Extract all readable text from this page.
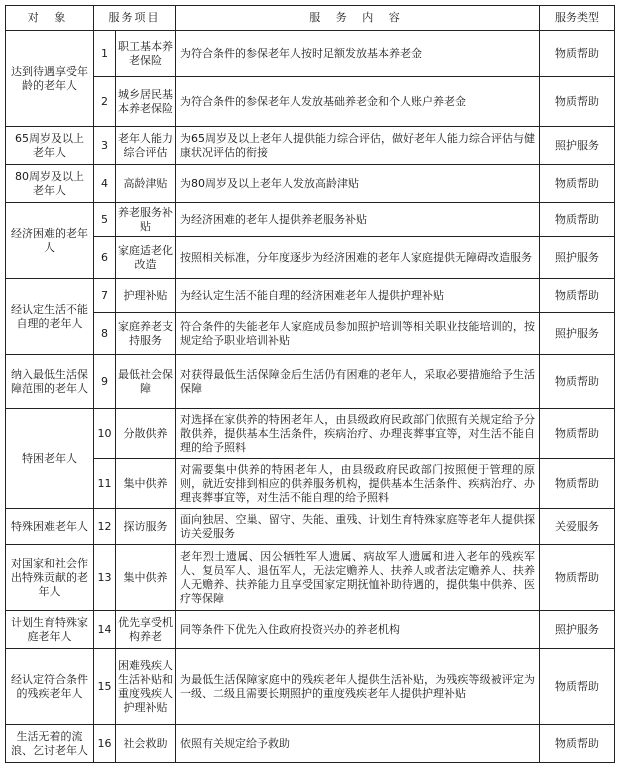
对 象	服务项目		服 务 内 容	服务类型
达到待遇享受年龄的老年人	1	职工基本养老保险	为符合条件的参保老年人按时足额发放基本养老金	物质帮助
	2	城乡居民基本养老保险	为符合条件的参保老年人发放基础养老金和个人账户养老金	物质帮助
65周岁及以上老年人	3	老年人能力综合评估	为65周岁及以上老年人提供能力综合评估，做好老年人能力综合评估与健康状况评估的衔接	照护服务
80周岁及以上老年人	4	高龄津贴	为80周岁及以上老年人发放高龄津贴	物质帮助
经济困难的老年人	5	养老服务补贴	为经济困难的老年人提供养老服务补贴	物质帮助
	6	家庭适老化改造	按照相关标准，分年度逐步为经济困难的老年人家庭提供无障碍改造服务	照护服务
经认定生活不能自理的老年人	7	护理补贴	为经认定生活不能自理的经济困难老年人提供护理补贴	物质帮助
	8	家庭养老支持服务	符合条件的失能老年人家庭成员参加照护培训等相关职业技能培训的，按规定给予职业培训补贴	照护服务
纳入最低生活保障范围的老年人	9	最低社会保障	对获得最低生活保障金后生活仍有困难的老年人，采取必要措施给予生活保障	物质帮助
特困老年人	10	分散供养	对选择在家供养的特困老年人，由县级政府民政部门依照有关规定给予分散供养，提供基本生活条件，疾病治疗、办理丧葬事宜等，对生活不能自理的给予照料	物质帮助
	11	集中供养	对需要集中供养的特困老年人，由县级政府民政部门按照便于管理的原则，就近安排到相应的供养服务机构，提供基本生活条件、疾病治疗、办理丧葬事宜等，对生活不能自理的给予照料	物质帮助
特殊困难老年人	12	探访服务	面向独居、空巢、留守、失能、重残、计划生育特殊家庭等老年人提供探访关爱服务	关爱服务
对国家和社会作出特殊贡献的老年人	13	集中供养	老年烈士遗属、因公牺牲军人遗属、病故军人遗属和进入老年的残疾军人、复员军人、退伍军人，无法定赡养人、扶养人或者法定赡养人、扶养人无赡养、扶养能力且享受国家定期抚恤补助待遇的，提供集中供养、医疗等保障	物质帮助
计划生育特殊家庭老年人	14	优先享受机构养老	同等条件下优先入住政府投资兴办的养老机构	照护服务
经认定符合条件的残疾老年人	15	困难残疾人生活补贴和重度残疾人护理补贴	为最低生活保障家庭中的残疾老年人提供生活补贴，为残疾等级被评定为一级、二级且需要长期照护的重度残疾老年人提供护理补贴	物质帮助
生活无着的流浪、乞讨老年人	16	社会救助	依照有关规定给予救助	物质帮助
